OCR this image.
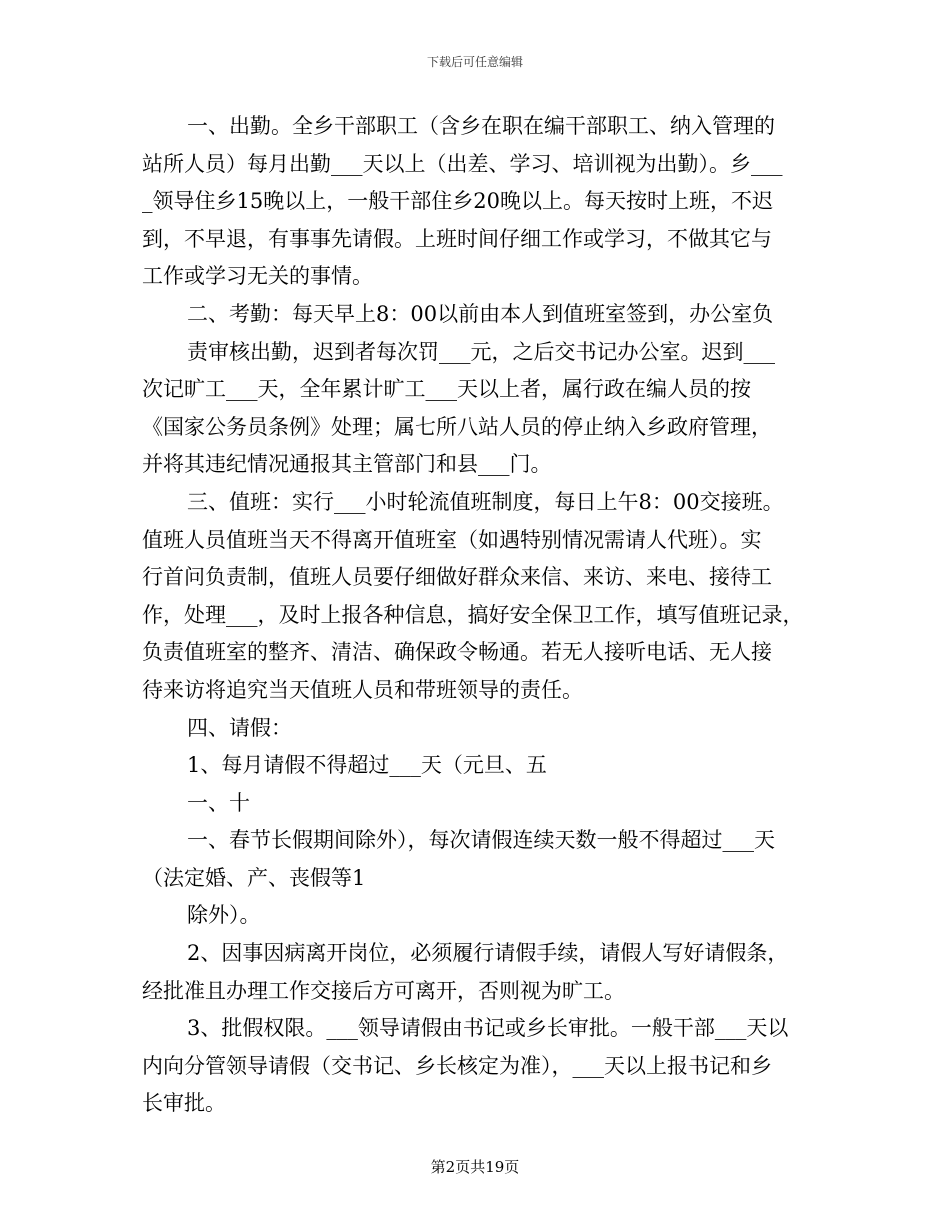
下载后可任意编辑
一、出勤。全乡干部职工（含乡在职在编干部职工、纳入管理的
站所人员）每月出勤___天以上（出差、学习、培训视为出勤）。乡___
_领导住乡15晚以上，一般干部住乡20晚以上。每天按时上班，不迟
到，不早退，有事事先请假。上班时间仔细工作或学习，不做其它与
工作或学习无关的事情。
二、考勤：每天早上8：00以前由本人到值班室签到，办公室负
责审核出勤，迟到者每次罚___元，之后交书记办公室。迟到___
次记旷工___天，全年累计旷工___天以上者，属行政在编人员的按
《国家公务员条例》处理；属七所八站人员的停止纳入乡政府管理，
并将其违纪情况通报其主管部门和县___门。
三、值班：实行___小时轮流值班制度，每日上午8：00交接班。
值班人员值班当天不得离开值班室（如遇特别情况需请人代班）。实
行首问负责制，值班人员要仔细做好群众来信、来访、来电、接待工
作，处理___，及时上报各种信息，搞好安全保卫工作，填写值班记录，
负责值班室的整齐、清洁、确保政令畅通。若无人接听电话、无人接
待来访将追究当天值班人员和带班领导的责任。
四、请假：
1、每月请假不得超过___天（元旦、五
一、十
一、春节长假期间除外），每次请假连续天数一般不得超过___天
（法定婚、产、丧假等1
除外）。
2、因事因病离开岗位，必须履行请假手续，请假人写好请假条，
经批准且办理工作交接后方可离开，否则视为旷工。
3、批假权限。___领导请假由书记或乡长审批。一般干部___天以
内向分管领导请假（交书记、乡长核定为准），___天以上报书记和乡
长审批。
第2页共19页
